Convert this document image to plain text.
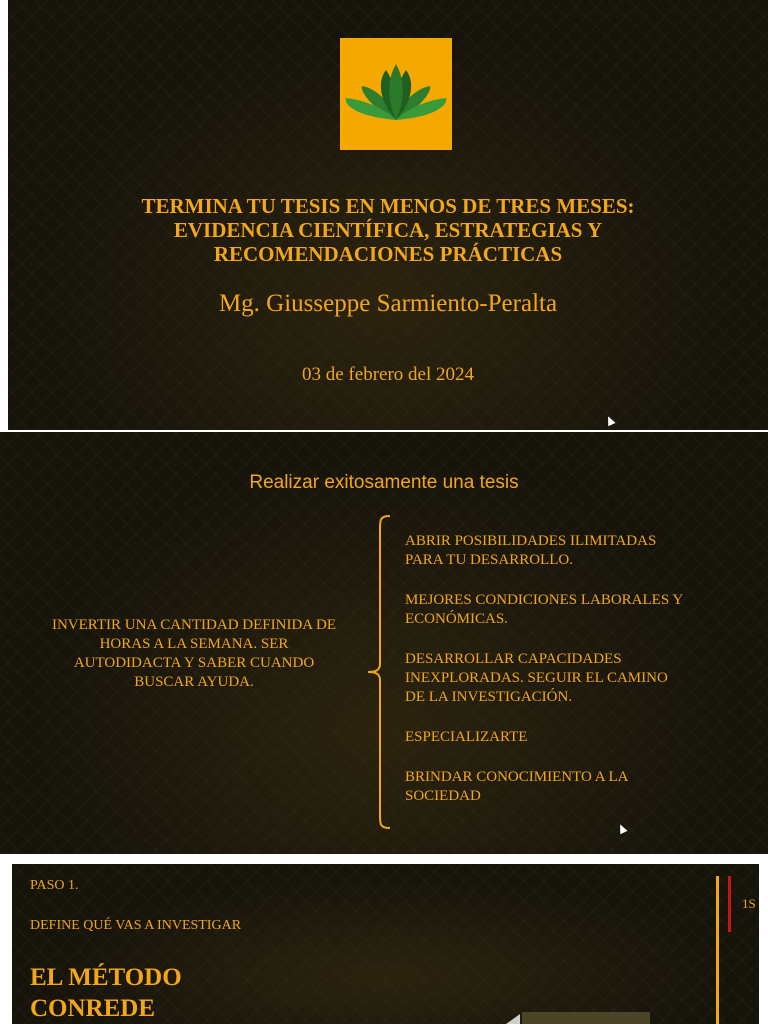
TERMINA TU TESIS EN MENOS DE TRES MESES:
EVIDENCIA CIENTÍFICA, ESTRATEGIAS Y
RECOMENDACIONES PRÁCTICAS
Mg. Giusseppe Sarmiento-Peralta
03 de febrero del 2024
Realizar exitosamente una tesis
INVERTIR UNA CANTIDAD DEFINIDA DE
HORAS A LA SEMANA. SER
AUTODIDACTA Y SABER CUANDO
BUSCAR AYUDA.
ABRIR POSIBILIDADES ILIMITADAS
PARA TU DESARROLLO.
MEJORES CONDICIONES LABORALES Y
ECONÓMICAS.
DESARROLLAR CAPACIDADES
INEXPLORADAS. SEGUIR EL CAMINO
DE LA INVESTIGACIÓN.
ESPECIALIZARTE
BRINDAR CONOCIMIENTO A LA
SOCIEDAD
PASO 1.
DEFINE QUÉ VAS A INVESTIGAR
EL MÉTODO
CONREDE
1S
